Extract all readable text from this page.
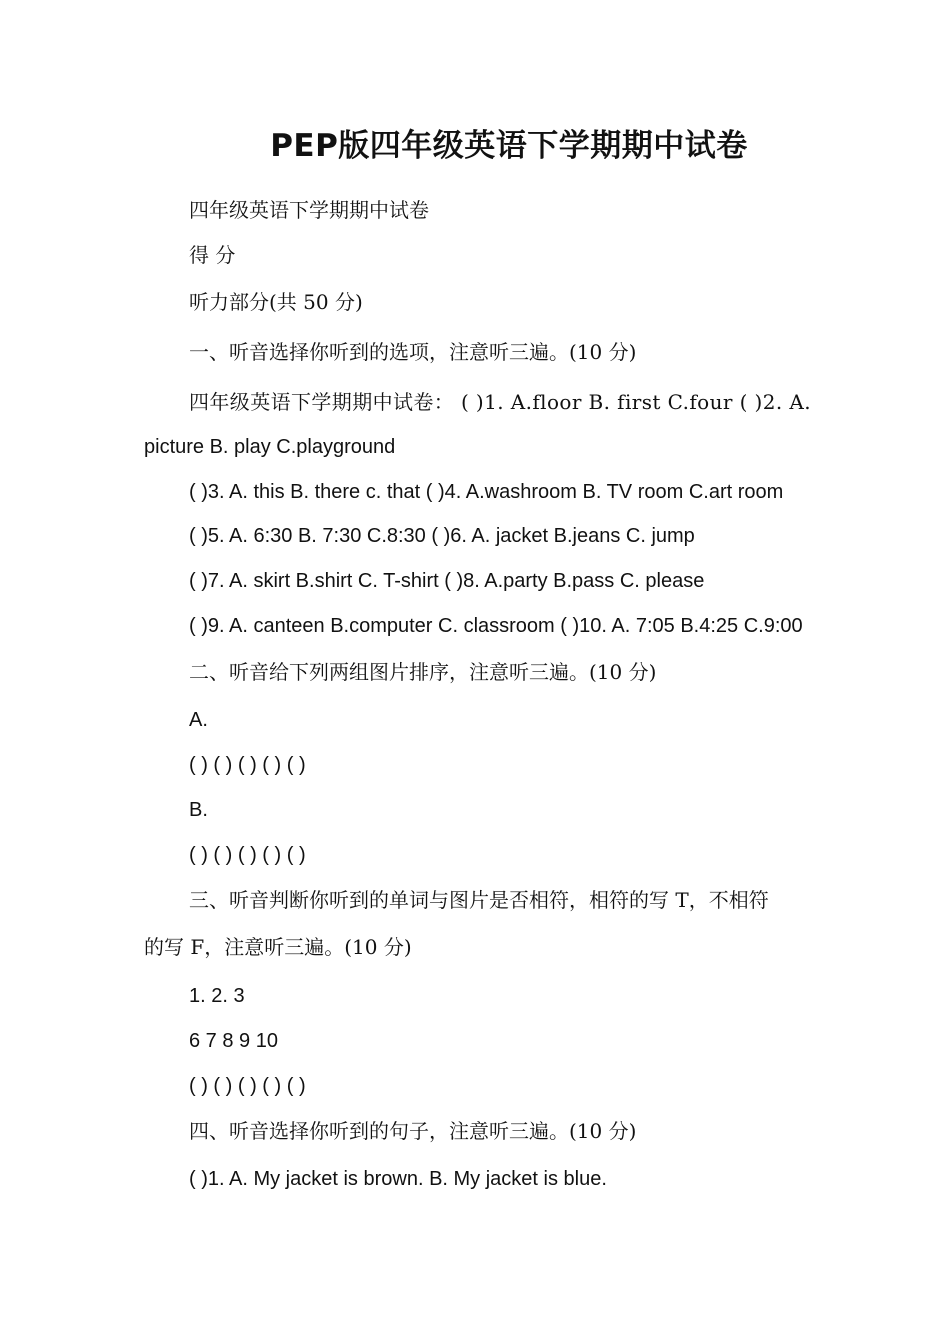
PEP版四年级英语下学期期中试卷
四年级英语下学期期中试卷
得 分
听力部分(共 50 分)
一、听音选择你听到的选项，注意听三遍。(10 分)
四年级英语下学期期中试卷： ( )1. A.floor B. first C.four ( )2. A.
picture B. play C.playground
( )3. A. this B. there c. that ( )4. A.washroom B. TV room C.art room
( )5. A. 6:30 B. 7:30 C.8:30 ( )6. A. jacket B.jeans C. jump
( )7. A. skirt B.shirt C. T-shirt ( )8. A.party B.pass C. please
( )9. A. canteen B.computer C. classroom ( )10. A. 7:05 B.4:25 C.9:00
二、听音给下列两组图片排序，注意听三遍。(10 分)
A.
( ) ( ) ( ) ( ) ( )
B.
( ) ( ) ( ) ( ) ( )
三、听音判断你听到的单词与图片是否相符，相符的写 T，不相符
的写 F，注意听三遍。(10 分)
1. 2. 3
6 7 8 9 10
( ) ( ) ( ) ( ) ( )
四、听音选择你听到的句子，注意听三遍。(10 分)
( )1. A. My jacket is brown. B. My jacket is blue.
